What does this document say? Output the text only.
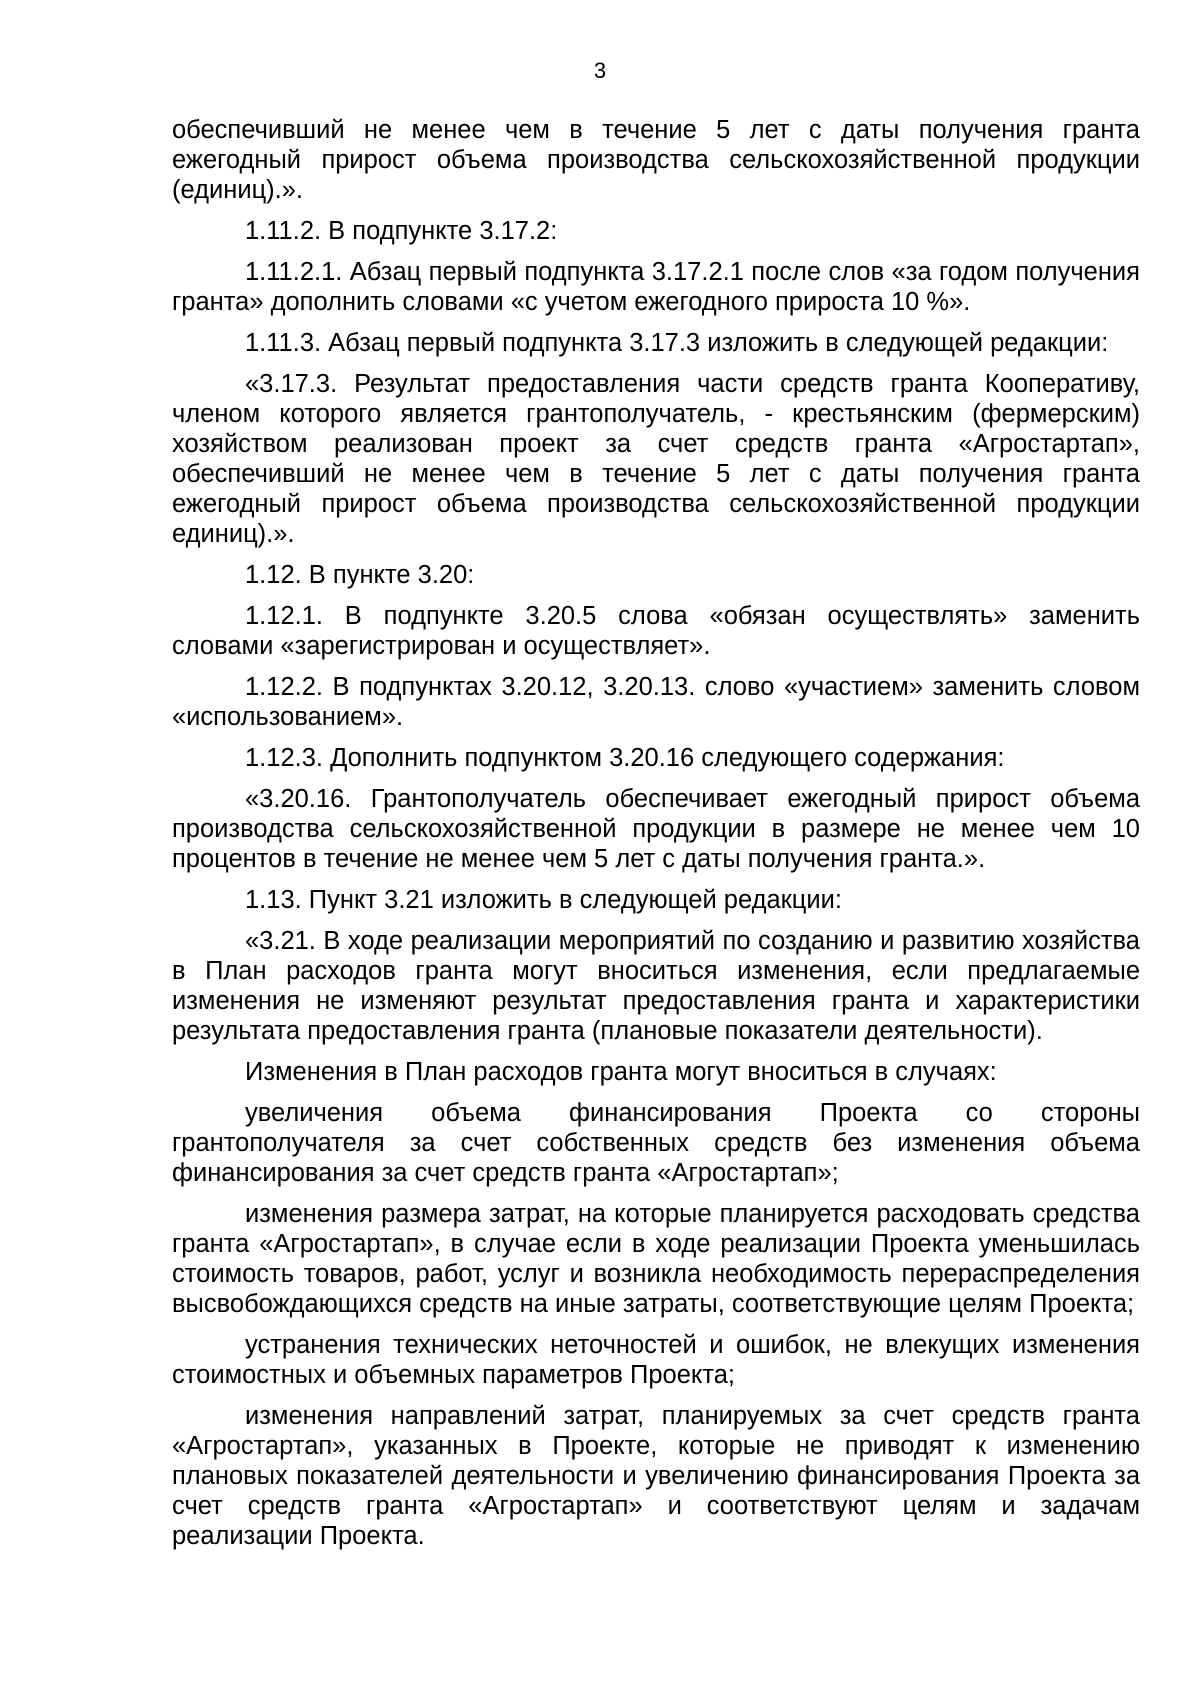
3

обеспечивший не менее чем в течение 5 лет с даты получения гранта ежегодный прирост объема производства сельскохозяйственной продукции (единиц).».

1.11.2. В подпункте 3.17.2:

1.11.2.1. Абзац первый подпункта 3.17.2.1 после слов «за годом получения гранта» дополнить словами «с учетом ежегодного прироста 10 %».

1.11.3. Абзац первый подпункта 3.17.3 изложить в следующей редакции:

«3.17.3. Результат предоставления части средств гранта Кооперативу, членом которого является грантополучатель, - крестьянским (фермерским) хозяйством реализован проект за счет средств гранта «Агростартап», обеспечивший не менее чем в течение 5 лет с даты получения гранта ежегодный прирост объема производства сельскохозяйственной продукции единиц).».

1.12. В пункте 3.20:

1.12.1. В подпункте 3.20.5 слова «обязан осуществлять» заменить словами «зарегистрирован и осуществляет».

1.12.2. В подпунктах 3.20.12, 3.20.13. слово «участием» заменить словом «использованием».

1.12.3. Дополнить подпунктом 3.20.16 следующего содержания:

«3.20.16. Грантополучатель обеспечивает ежегодный прирост объема производства сельскохозяйственной продукции в размере не менее чем 10 процентов в течение не менее чем 5 лет с даты получения гранта.».

1.13. Пункт 3.21 изложить в следующей редакции:

«3.21. В ходе реализации мероприятий по созданию и развитию хозяйства в План расходов гранта могут вноситься изменения, если предлагаемые изменения не изменяют результат предоставления гранта и характеристики результата предоставления гранта (плановые показатели деятельности).

Изменения в План расходов гранта могут вноситься в случаях:

увеличения объема финансирования Проекта со стороны грантополучателя за счет собственных средств без изменения объема финансирования за счет средств гранта «Агростартап»;

изменения размера затрат, на которые планируется расходовать средства гранта «Агростартап», в случае если в ходе реализации Проекта уменьшилась стоимость товаров, работ, услуг и возникла необходимость перераспределения высвобождающихся средств на иные затраты, соответствующие целям Проекта;

устранения технических неточностей и ошибок, не влекущих изменения стоимостных и объемных параметров Проекта;

изменения направлений затрат, планируемых за счет средств гранта «Агростартап», указанных в Проекте, которые не приводят к изменению плановых показателей деятельности и увеличению финансирования Проекта за счет средств гранта «Агростартап» и соответствуют целям и задачам реализации Проекта.
